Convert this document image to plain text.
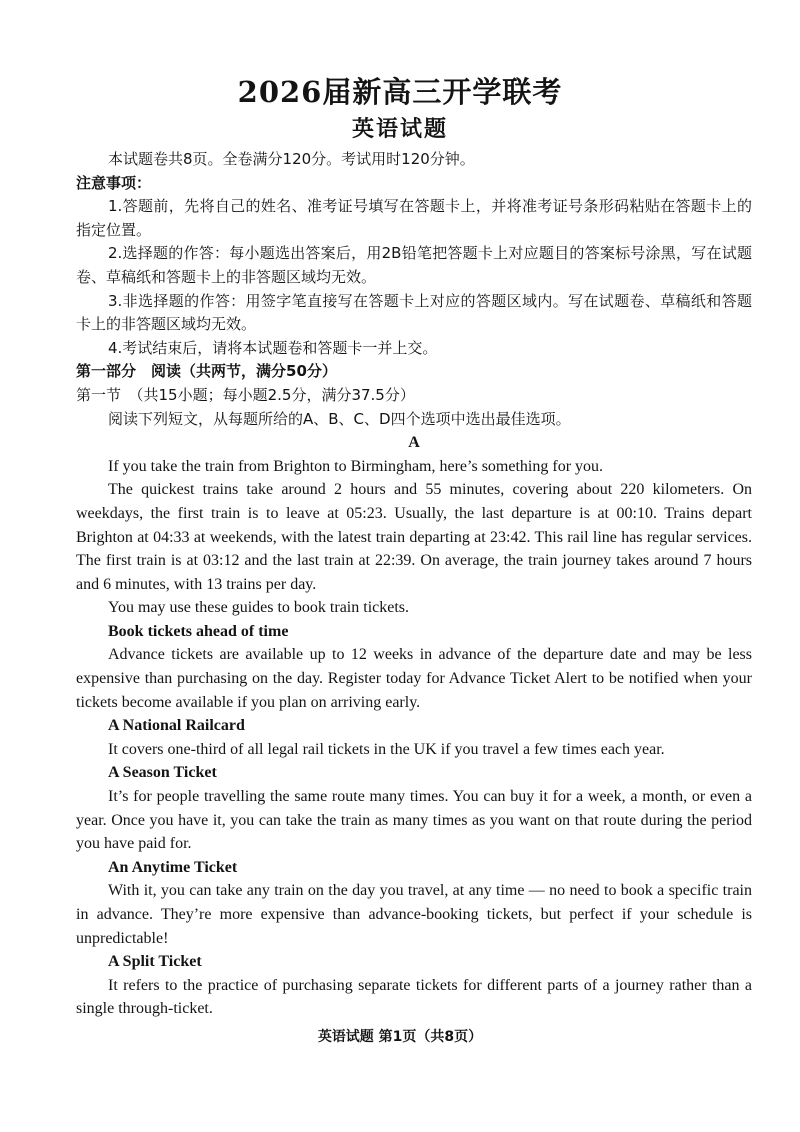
2026届新高三开学联考
英语试题

本试题卷共8页。全卷满分120分。考试用时120分钟。

注意事项：

1.答题前，先将自己的姓名、准考证号填写在答题卡上，并将准考证号条形码粘贴在答题卡上的指定位置。

2.选择题的作答：每小题选出答案后，用2B铅笔把答题卡上对应题目的答案标号涂黑，写在试题卷、草稿纸和答题卡上的非答题区域均无效。

3.非选择题的作答：用签字笔直接写在答题卡上对应的答题区域内。写在试题卷、草稿纸和答题卡上的非答题区域均无效。

4.考试结束后，请将本试题卷和答题卡一并上交。

第一部分　阅读（共两节，满分50分）

第一节　（共15小题；每小题2.5分，满分37.5分）

阅读下列短文，从每题所给的A、B、C、D四个选项中选出最佳选项。

A

If you take the train from Brighton to Birmingham, here’s something for you.

The quickest trains take around 2 hours and 55 minutes, covering about 220 kilometers. On weekdays, the first train is to leave at 05:23. Usually, the last departure is at 00:10. Trains depart Brighton at 04:33 at weekends, with the latest train departing at 23:42. This rail line has regular services. The first train is at 03:12 and the last train at 22:39. On average, the train journey takes around 7 hours and 6 minutes, with 13 trains per day.

You may use these guides to book train tickets.

Book tickets ahead of time

Advance tickets are available up to 12 weeks in advance of the departure date and may be less expensive than purchasing on the day. Register today for Advance Ticket Alert to be notified when your tickets become available if you plan on arriving early.

A National Railcard

It covers one-third of all legal rail tickets in the UK if you travel a few times each year.

A Season Ticket

It’s for people travelling the same route many times. You can buy it for a week, a month, or even a year. Once you have it, you can take the train as many times as you want on that route during the period you have paid for.

An Anytime Ticket

With it, you can take any train on the day you travel, at any time — no need to book a specific train in advance. They’re more expensive than advance-booking tickets, but perfect if your schedule is unpredictable!

A Split Ticket

It refers to the practice of purchasing separate tickets for different parts of a journey rather than a single through-ticket.

英语试题 第1页（共8页）
